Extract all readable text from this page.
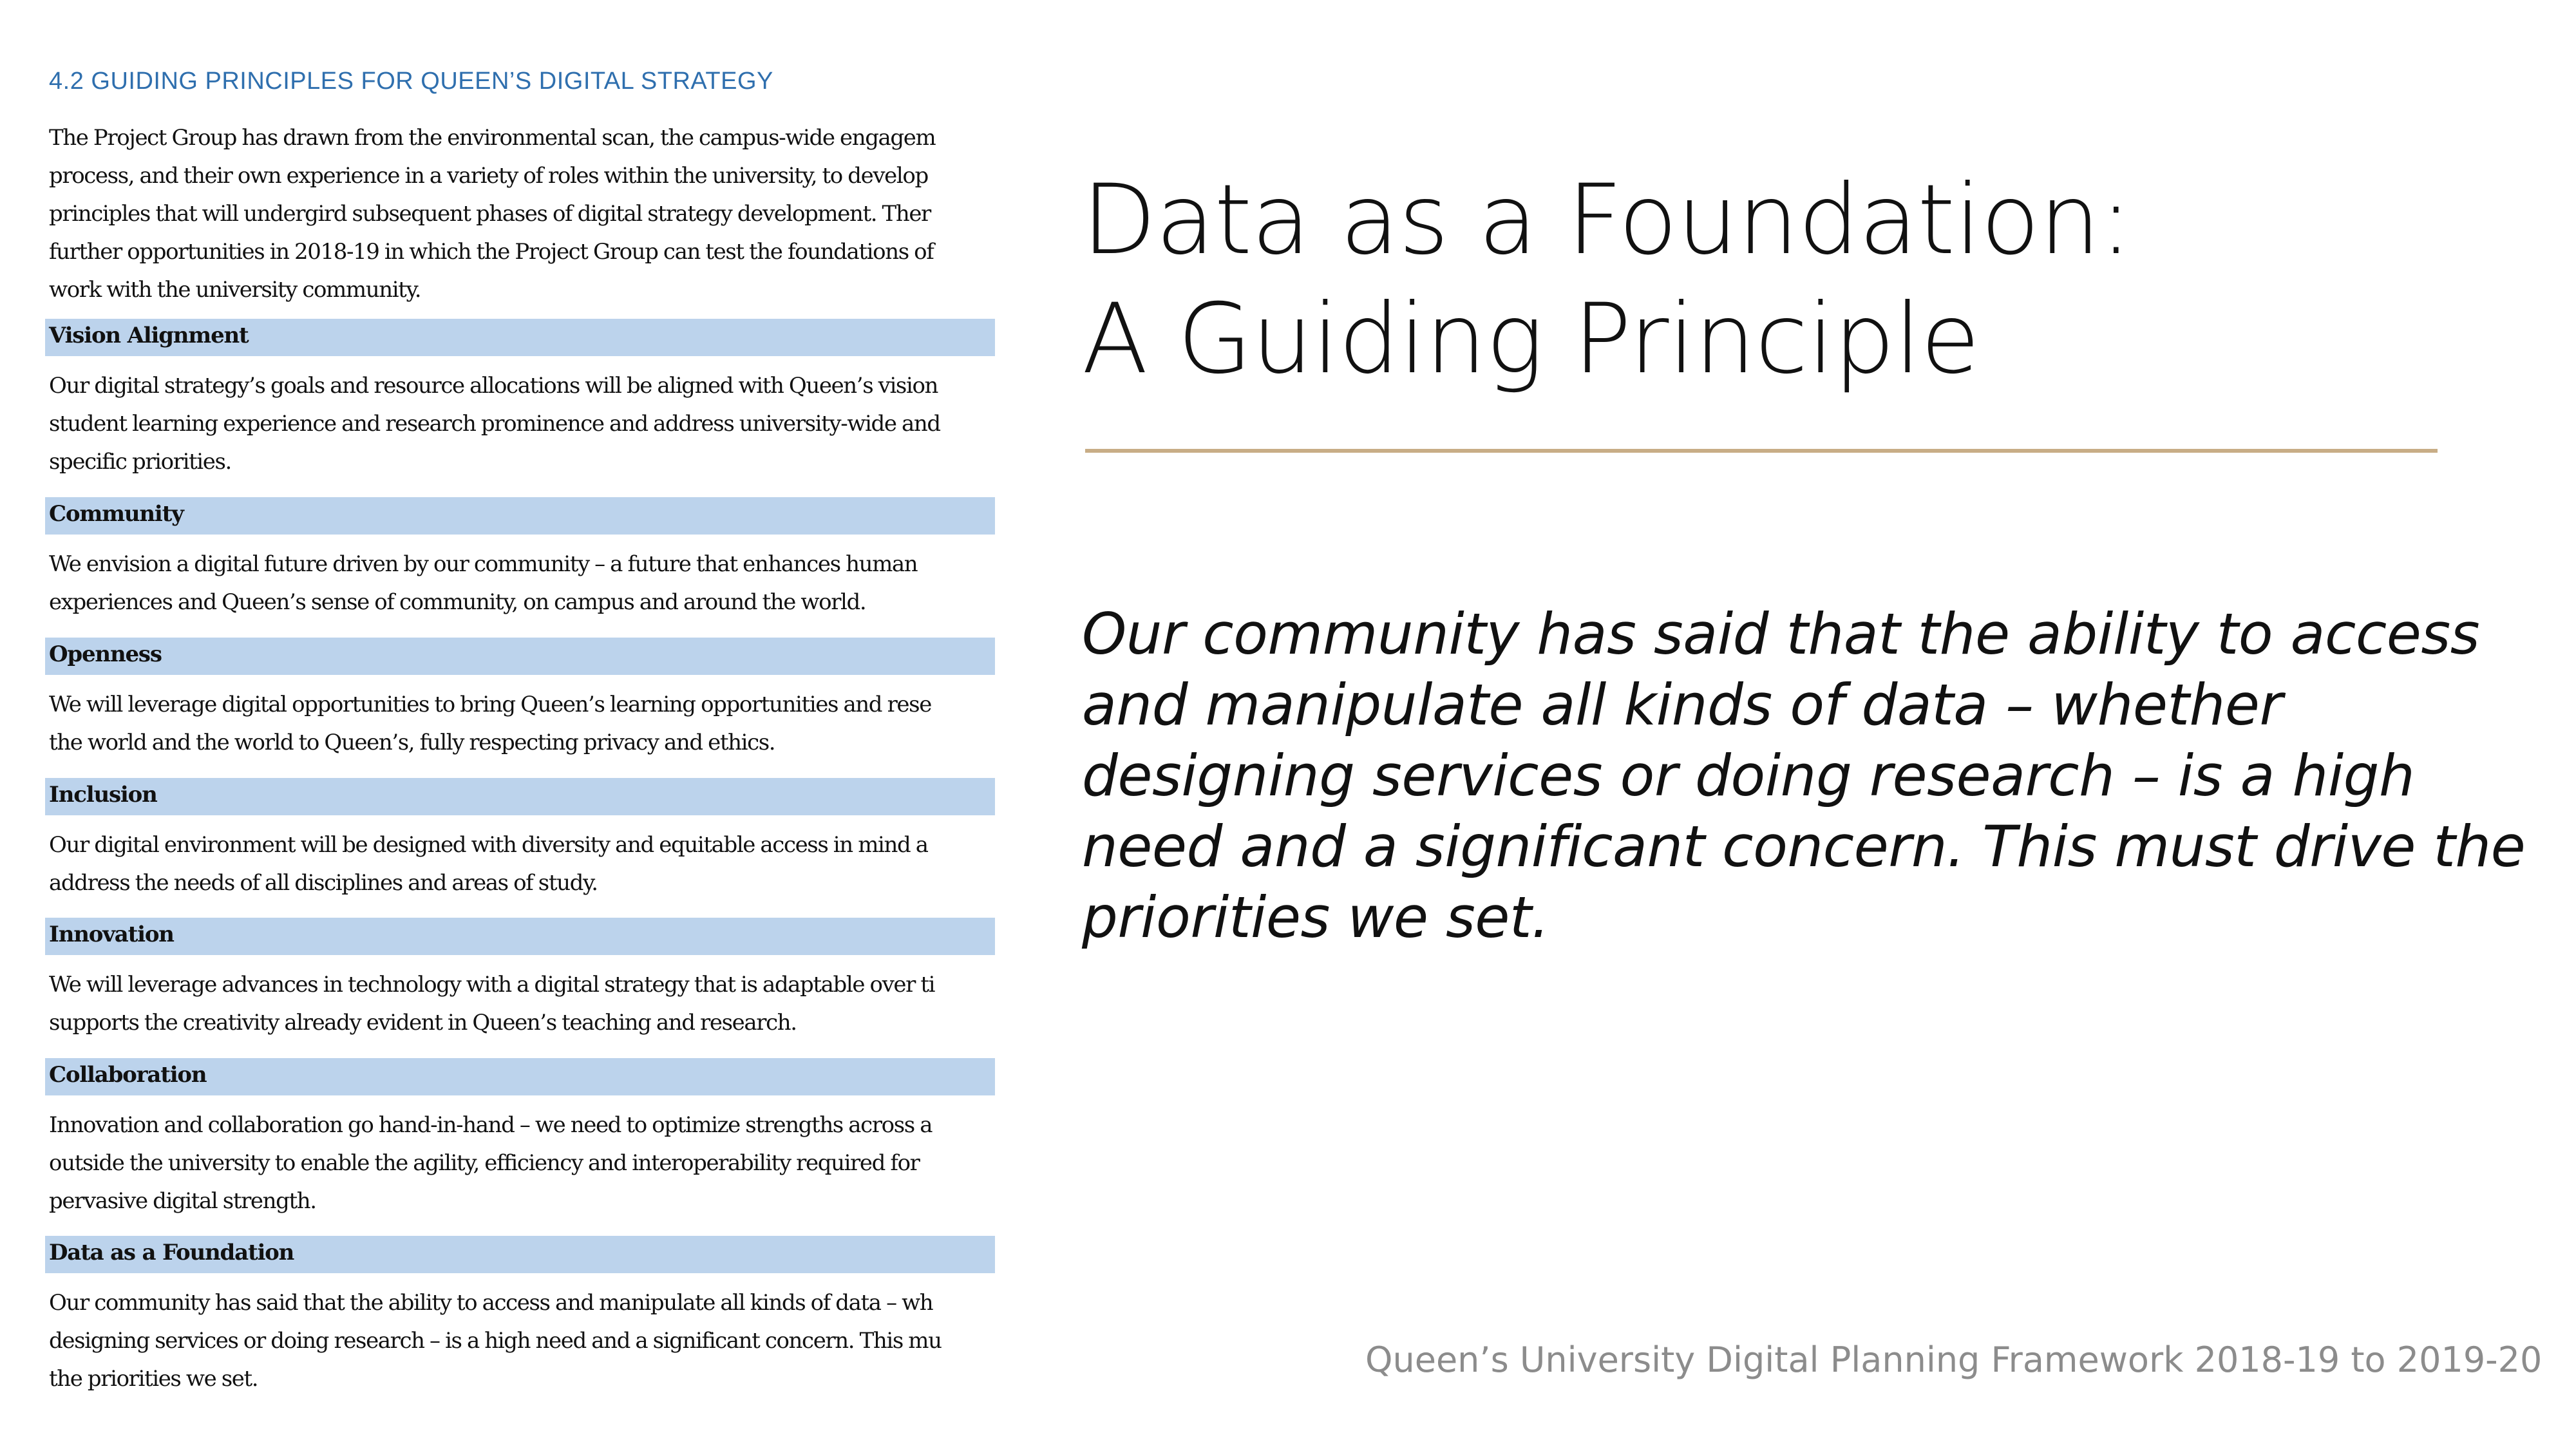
4.2 GUIDING PRINCIPLES FOR QUEEN’S DIGITAL STRATEGY

The Project Group has drawn from the environmental scan, the campus-wide engagem
process, and their own experience in a variety of roles within the university, to develop
principles that will undergird subsequent phases of digital strategy development. Ther
further opportunities in 2018-19 in which the Project Group can test the foundations of
work with the university community.

Vision Alignment

Our digital strategy’s goals and resource allocations will be aligned with Queen’s vision
student learning experience and research prominence and address university-wide and
specific priorities.

Community

We envision a digital future driven by our community – a future that enhances human
experiences and Queen’s sense of community, on campus and around the world.

Openness

We will leverage digital opportunities to bring Queen’s learning opportunities and rese
the world and the world to Queen’s, fully respecting privacy and ethics.

Inclusion

Our digital environment will be designed with diversity and equitable access in mind a
address the needs of all disciplines and areas of study.

Innovation

We will leverage advances in technology with a digital strategy that is adaptable over ti
supports the creativity already evident in Queen’s teaching and research.

Collaboration

Innovation and collaboration go hand-in-hand – we need to optimize strengths across a
outside the university to enable the agility, efficiency and interoperability required for
pervasive digital strength.

Data as a Foundation

Our community has said that the ability to access and manipulate all kinds of data – wh
designing services or doing research – is a high need and a significant concern. This mu
the priorities we set.

Data as a Foundation:
A Guiding Principle
Our community has said that the ability to access
and manipulate all kinds of data – whether
designing services or doing research – is a high
need and a significant concern. This must drive the
priorities we set.
Queen’s University Digital Planning Framework 2018-19 to 2019-20
